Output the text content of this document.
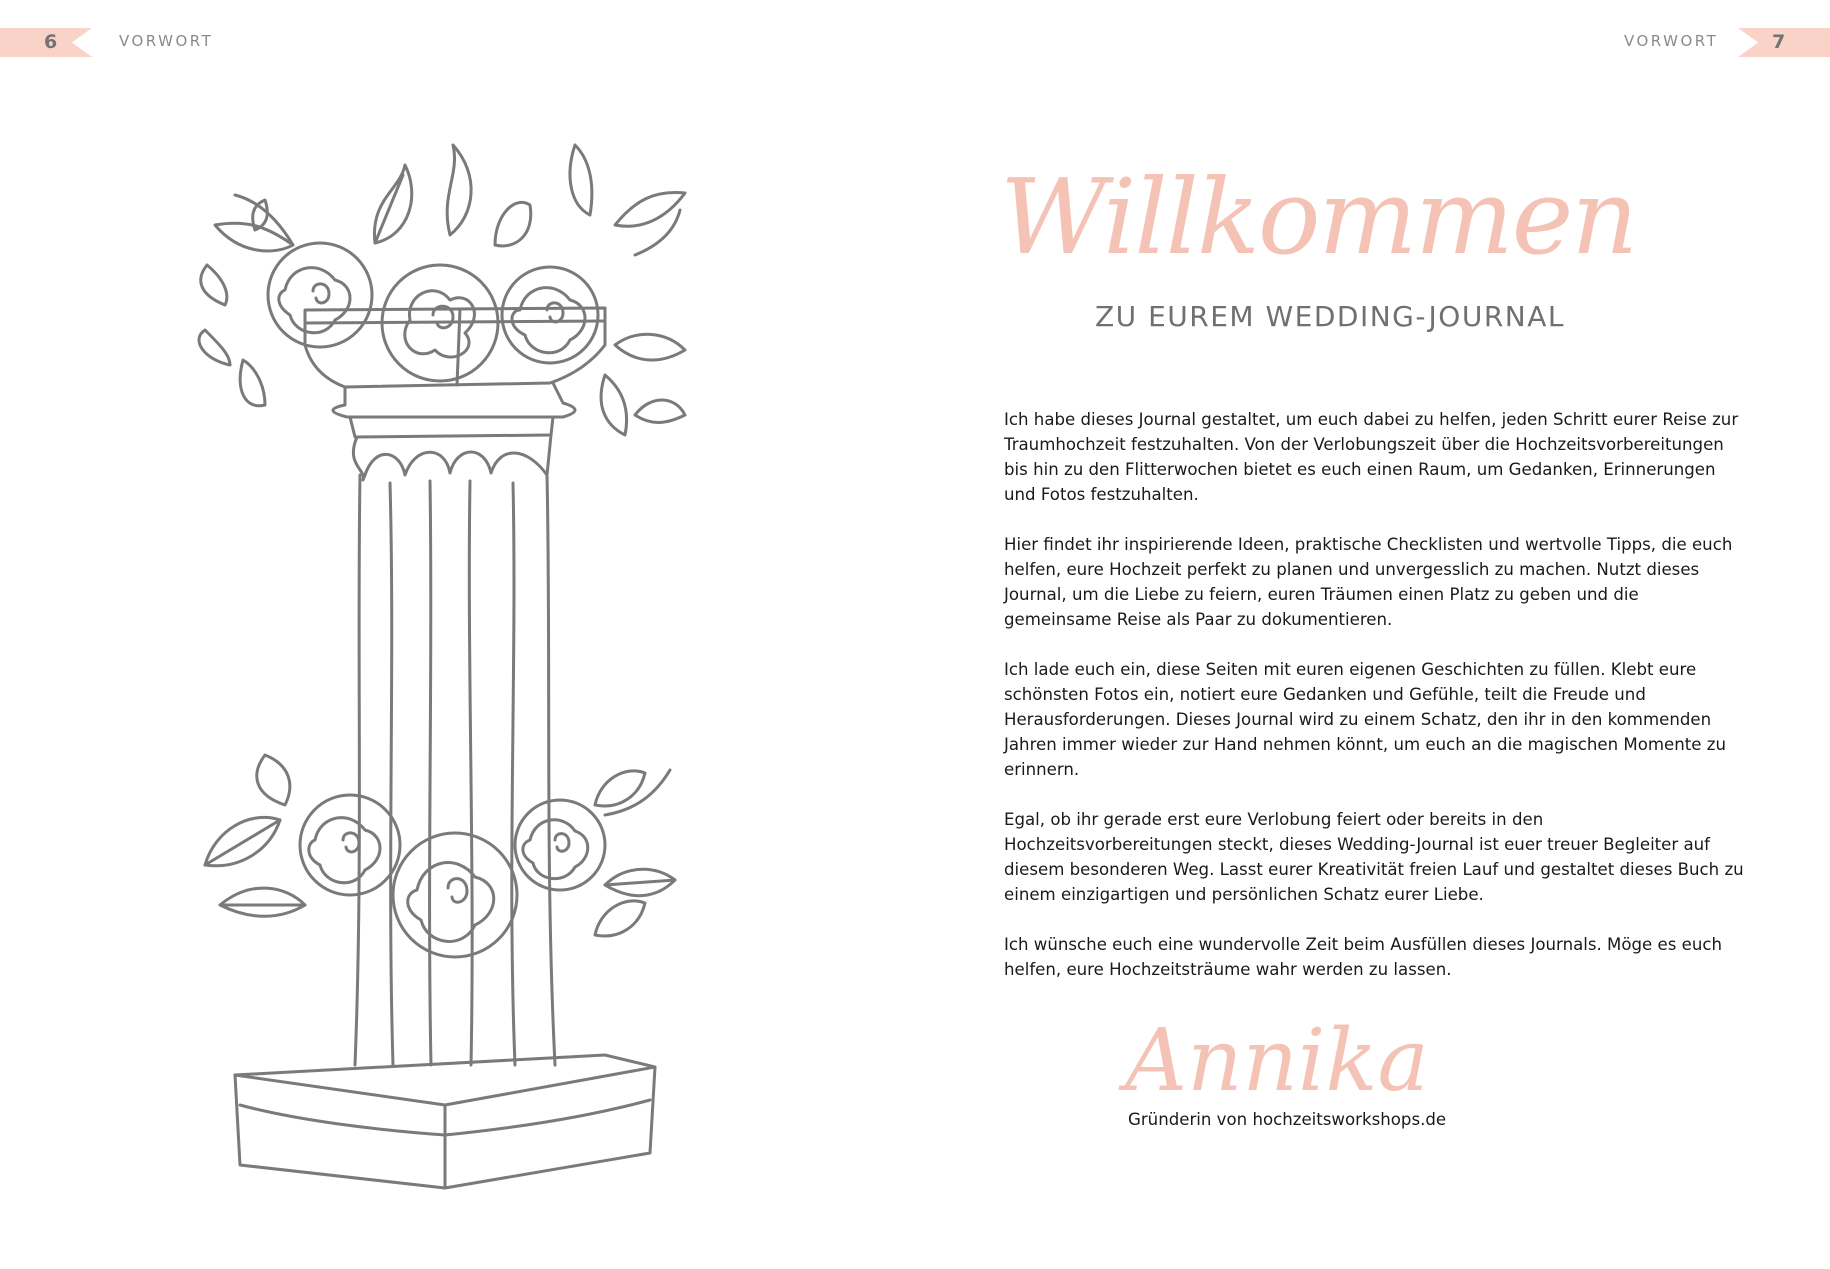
6	VORWORT	7
VORWORT
Willkommen
ZU EUREM WEDDING-JOURNAL

Ich habe dieses Journal gestaltet, um euch dabei zu helfen, jeden Schritt eurer Reise zur Traumhochzeit festzuhalten. Von der Verlobungszeit über die Hochzeitsvorbereitungen bis hin zu den Flitterwochen bietet es euch einen Raum, um Gedanken, Erinnerungen und Fotos festzuhalten.

Hier findet ihr inspirierende Ideen, praktische Checklisten und wertvolle Tipps, die euch helfen, eure Hochzeit perfekt zu planen und unvergesslich zu machen. Nutzt dieses Journal, um die Liebe zu feiern, euren Träumen einen Platz zu geben und die gemeinsame Reise als Paar zu dokumentieren.

Ich lade euch ein, diese Seiten mit euren eigenen Geschichten zu füllen. Klebt eure schönsten Fotos ein, notiert eure Gedanken und Gefühle, teilt die Freude und Herausforderungen. Dieses Journal wird zu einem Schatz, den ihr in den kommenden Jahren immer wieder zur Hand nehmen könnt, um euch an die magischen Momente zu erinnern.

Egal, ob ihr gerade erst eure Verlobung feiert oder bereits in den Hochzeitsvorbereitungen steckt, dieses Wedding-Journal ist euer treuer Begleiter auf diesem besonderen Weg. Lasst eurer Kreativität freien Lauf und gestaltet dieses Buch zu einem einzigartigen und persönlichen Schatz eurer Liebe.

Ich wünsche euch eine wundervolle Zeit beim Ausfüllen dieses Journals. Möge es euch helfen, eure Hochzeitsträume wahr werden zu lassen.

Annika
Gründerin von hochzeitsworkshops.de
